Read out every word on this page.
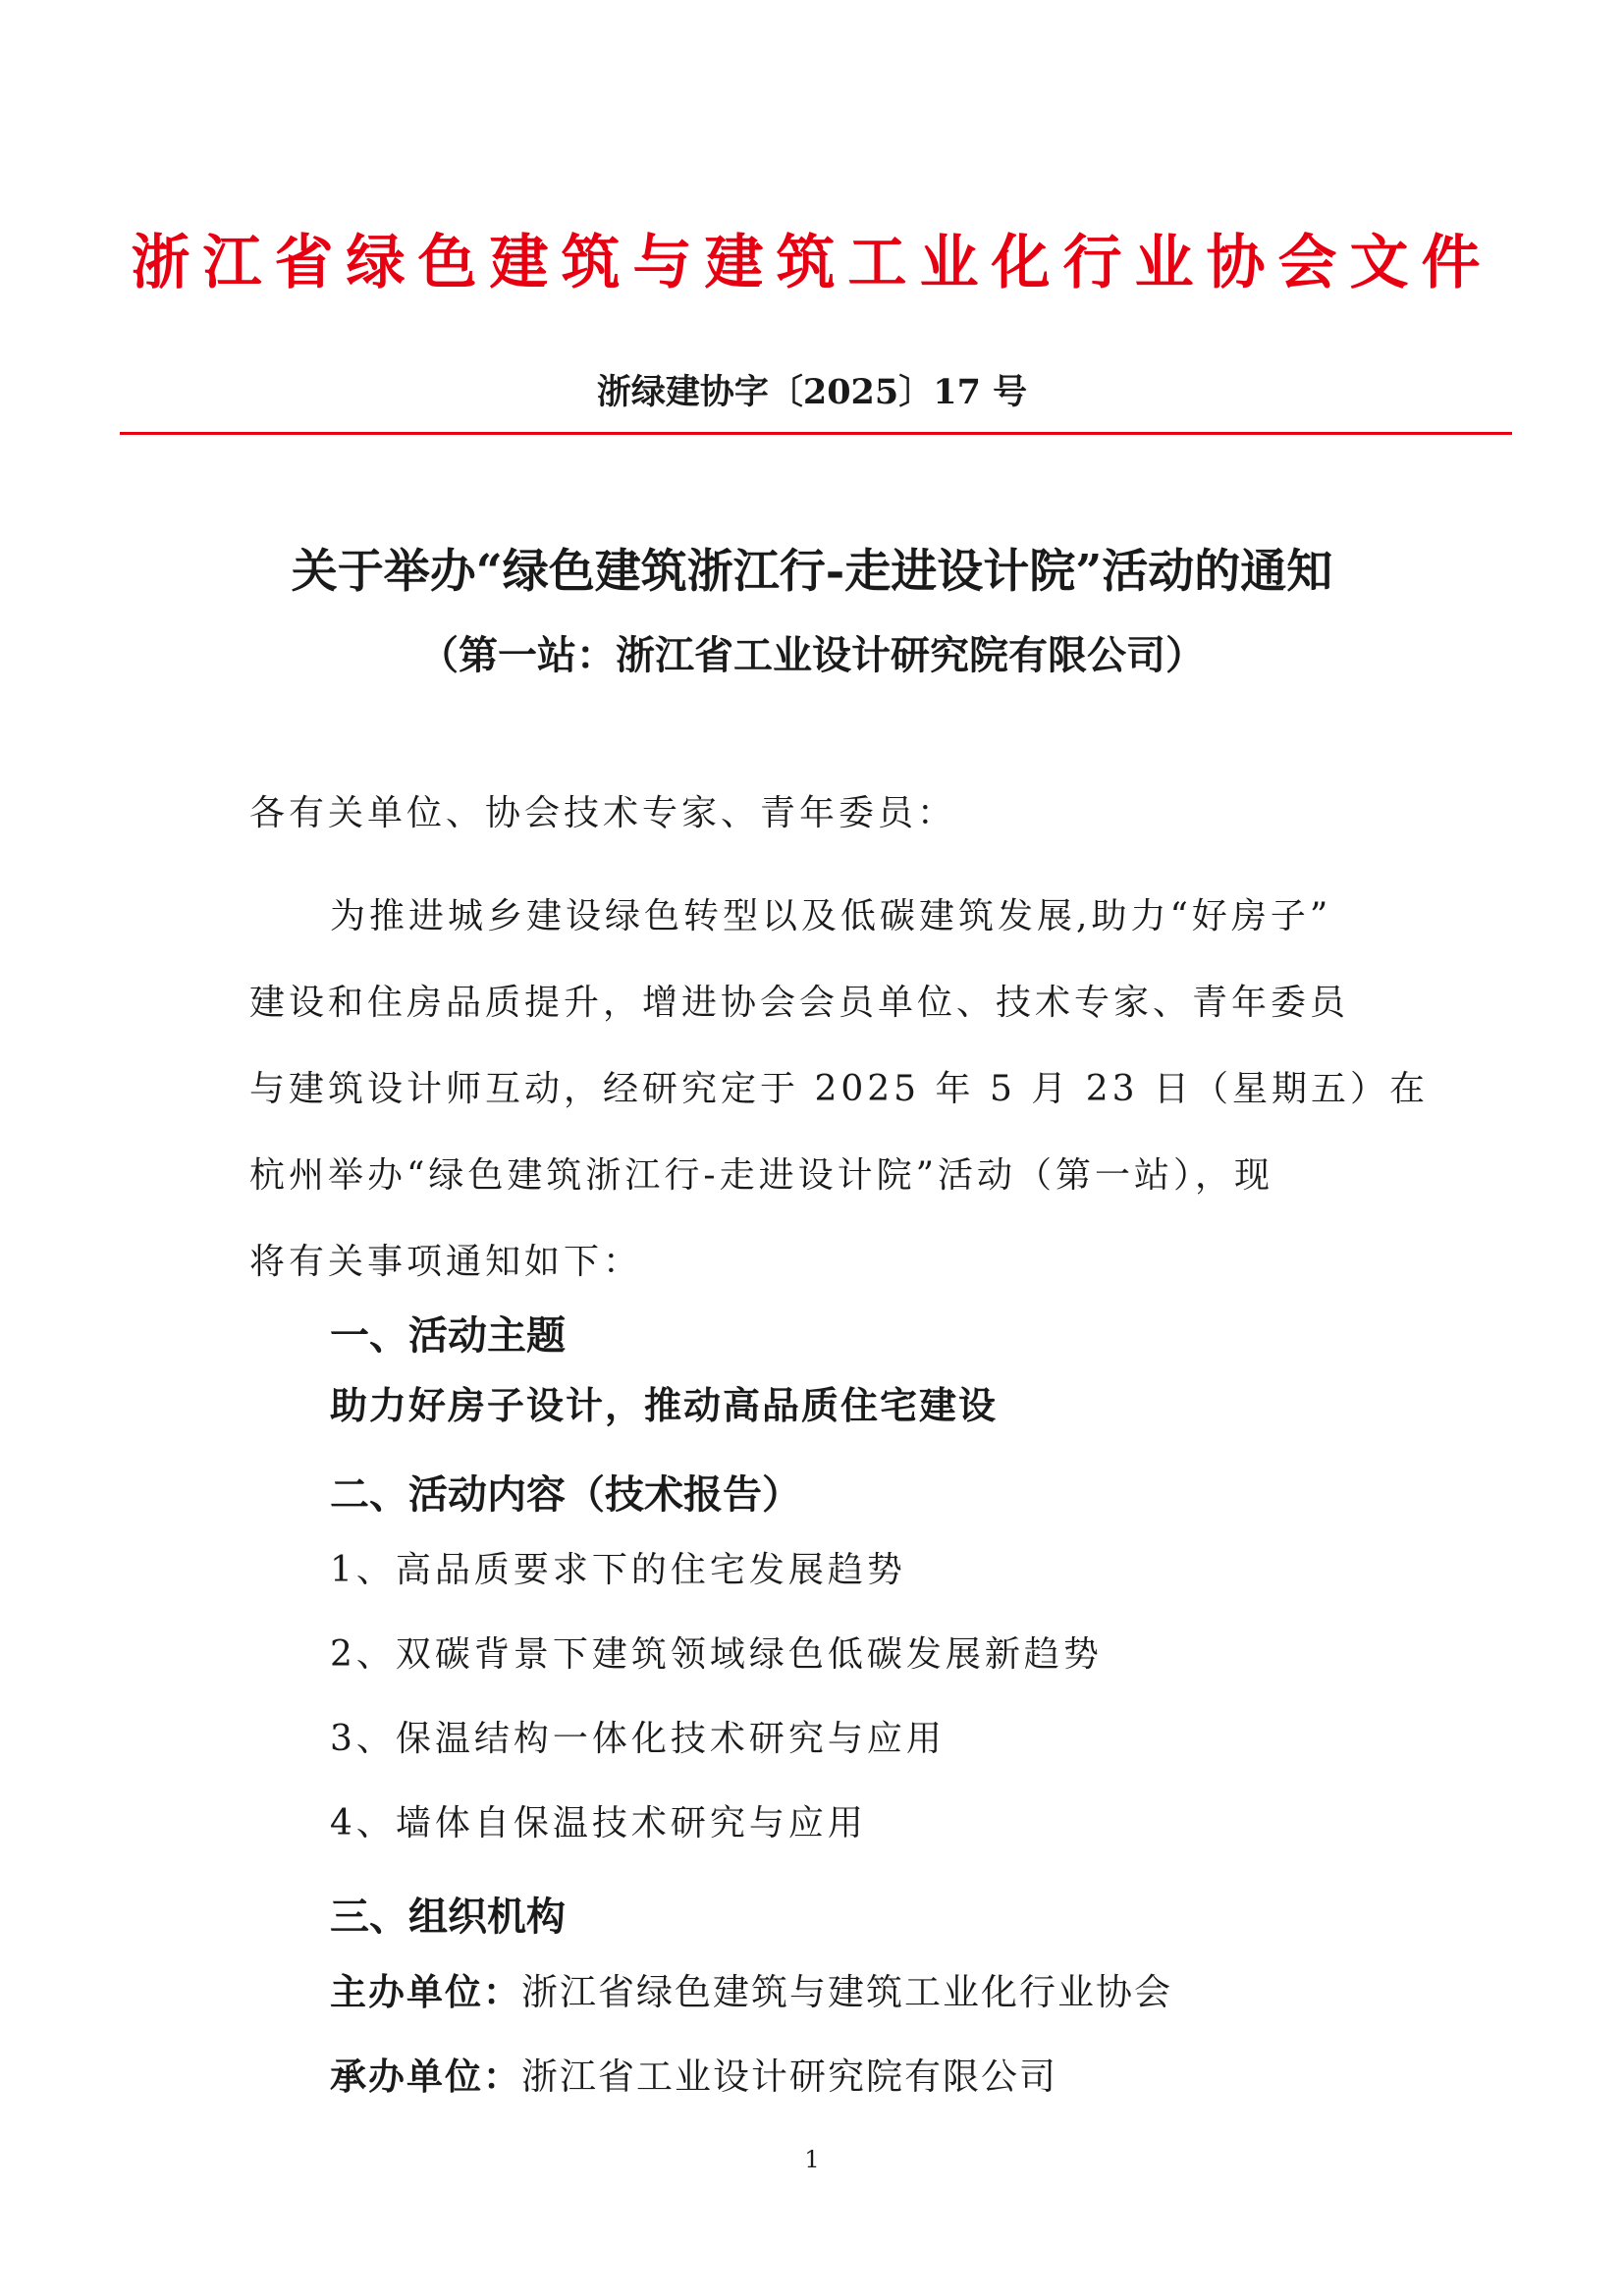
浙江省绿色建筑与建筑工业化行业协会文件
浙绿建协字〔2025〕17 号
关于举办“绿色建筑浙江行-走进设计院”活动的通知
（第一站：浙江省工业设计研究院有限公司）
各有关单位、协会技术专家、青年委员：
为推进城乡建设绿色转型以及低碳建筑发展,助力“好房子”
建设和住房品质提升，增进协会会员单位、技术专家、青年委员
与建筑设计师互动，经研究定于 2025 年 5 月 23 日（星期五）在
杭州举办“绿色建筑浙江行-走进设计院”活动（第一站），现
将有关事项通知如下：
一、活动主题
助力好房子设计，推动高品质住宅建设
二、活动内容（技术报告）
1、高品质要求下的住宅发展趋势
2、双碳背景下建筑领域绿色低碳发展新趋势
3、保温结构一体化技术研究与应用
4、墙体自保温技术研究与应用
三、组织机构
主办单位：浙江省绿色建筑与建筑工业化行业协会
承办单位：浙江省工业设计研究院有限公司
1
